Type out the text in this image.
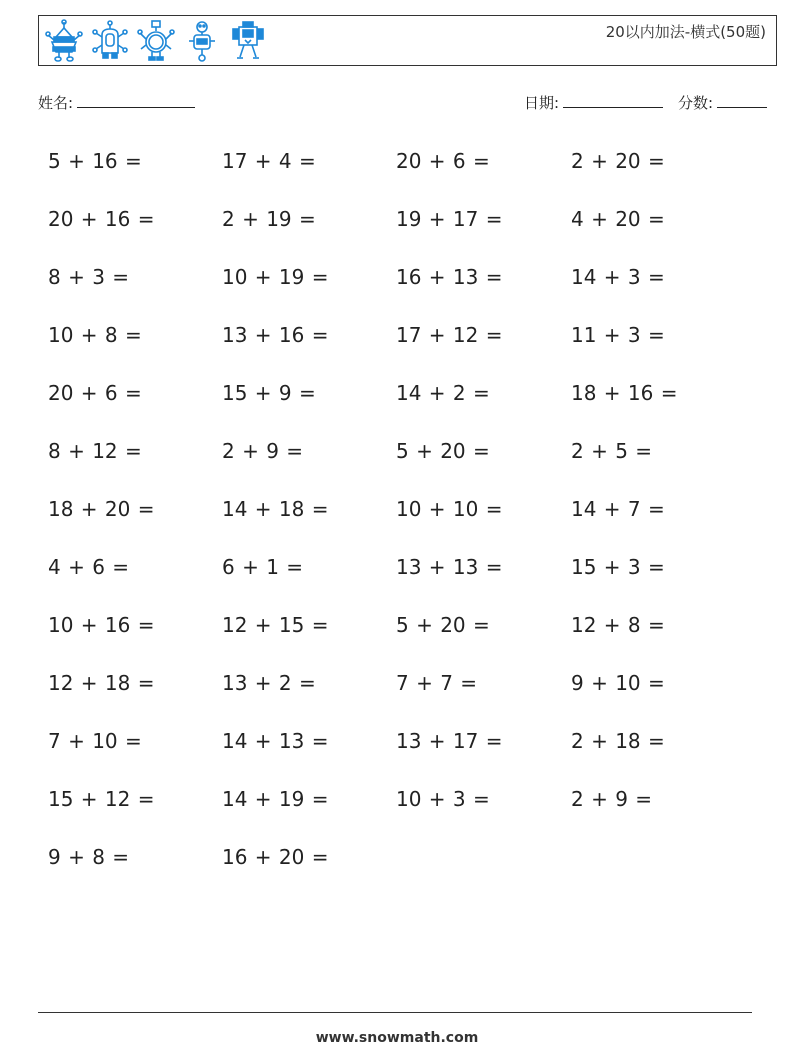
20以内加法-横式(50题)
姓名:	日期:	分数:
5 + 16 =	17 + 4 =	20 + 6 =	2 + 20 =
20 + 16 =	2 + 19 =	19 + 17 =	4 + 20 =
8 + 3 =	10 + 19 =	16 + 13 =	14 + 3 =
10 + 8 =	13 + 16 =	17 + 12 =	11 + 3 =
20 + 6 =	15 + 9 =	14 + 2 =	18 + 16 =
8 + 12 =	2 + 9 =	5 + 20 =	2 + 5 =
18 + 20 =	14 + 18 =	10 + 10 =	14 + 7 =
4 + 6 =	6 + 1 =	13 + 13 =	15 + 3 =
10 + 16 =	12 + 15 =	5 + 20 =	12 + 8 =
12 + 18 =	13 + 2 =	7 + 7 =	9 + 10 =
7 + 10 =	14 + 13 =	13 + 17 =	2 + 18 =
15 + 12 =	14 + 19 =	10 + 3 =	2 + 9 =
9 + 8 =	16 + 20 =
www.snowmath.com
